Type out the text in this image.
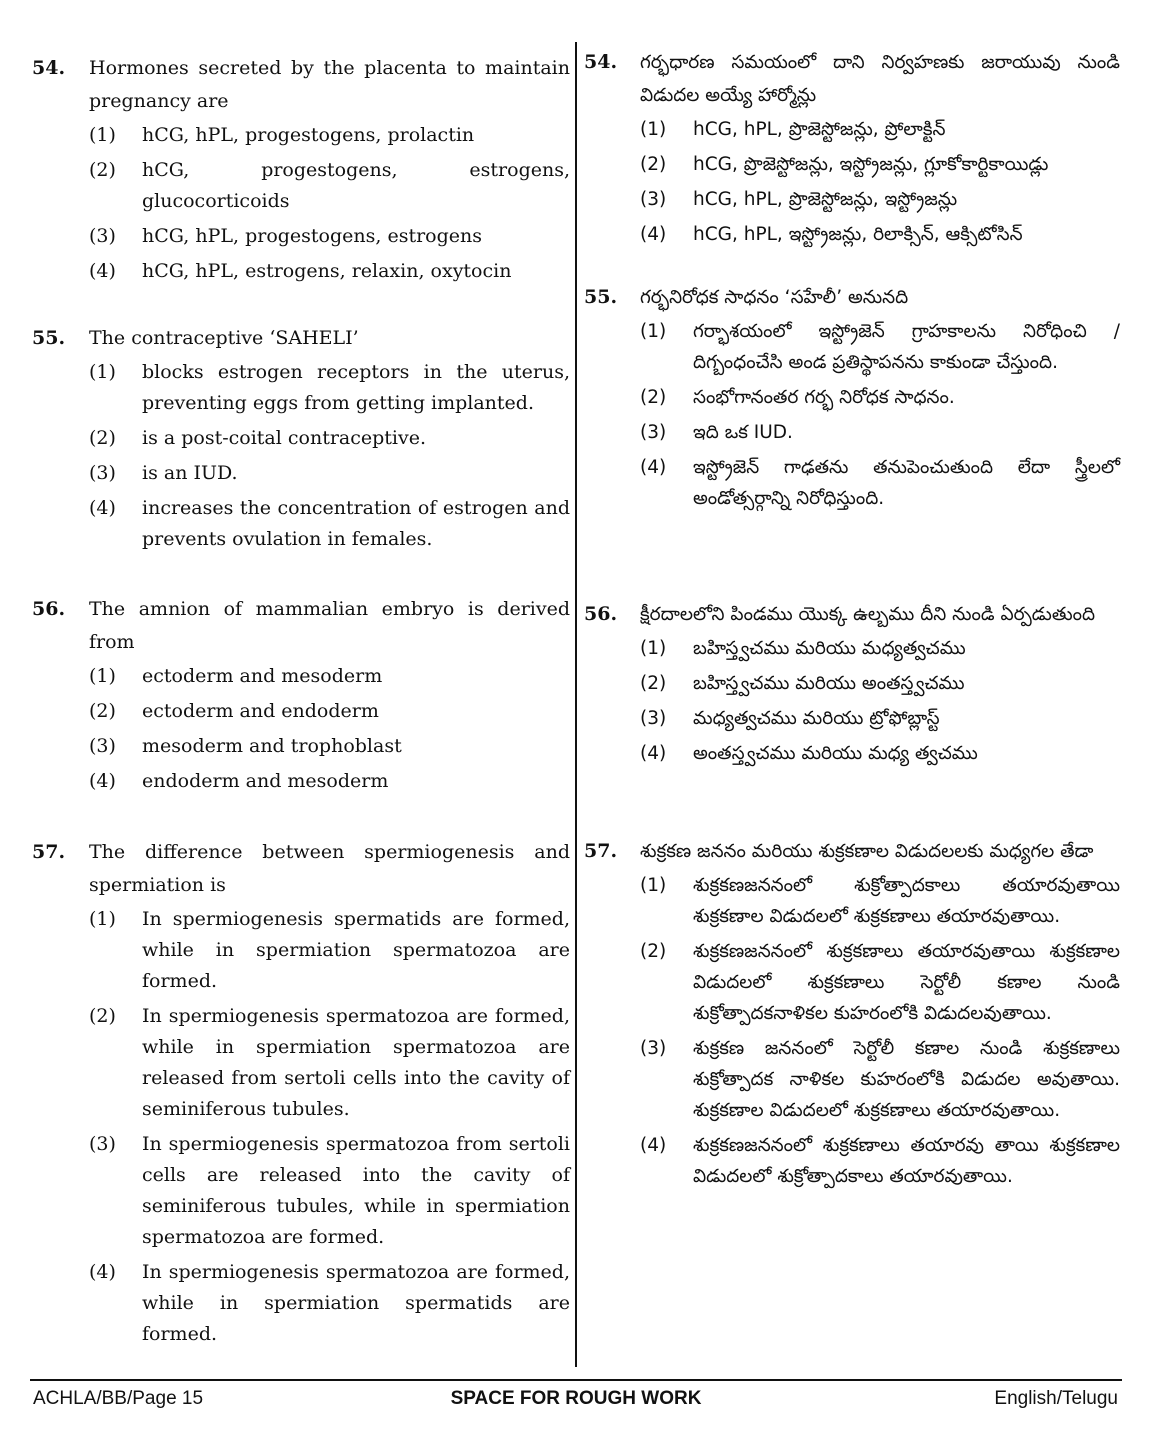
54. Hormones secreted by the placenta to maintain pregnancy are
(1) hCG, hPL, progestogens, prolactin
(2) hCG, progestogens, estrogens, glucocorticoids
(3) hCG, hPL, progestogens, estrogens
(4) hCG, hPL, estrogens, relaxin, oxytocin
55. The contraceptive ‘SAHELI’
(1) blocks estrogen receptors in the uterus, preventing eggs from getting implanted.
(2) is a post-coital contraceptive.
(3) is an IUD.
(4) increases the concentration of estrogen and prevents ovulation in females.
56. The amnion of mammalian embryo is derived from
(1) ectoderm and mesoderm
(2) ectoderm and endoderm
(3) mesoderm and trophoblast
(4) endoderm and mesoderm
57. The difference between spermiogenesis and spermiation is
(1) In spermiogenesis spermatids are formed, while in spermiation spermatozoa are formed.
(2) In spermiogenesis spermatozoa are formed, while in spermiation spermatozoa are released from sertoli cells into the cavity of seminiferous tubules.
(3) In spermiogenesis spermatozoa from sertoli cells are released into the cavity of seminiferous tubules, while in spermiation spermatozoa are formed.
(4) In spermiogenesis spermatozoa are formed, while in spermiation spermatids are formed.
54. గర్భధారణ సమయంలో దాని నిర్వహణకు జరాయువు నుండి విడుదల అయ్యే హార్మోన్లు
(1) hCG, hPL, ప్రొజెస్టోజన్లు, ప్రోలాక్టిన్
(2) hCG, ప్రొజెస్టోజన్లు, ఇస్ట్రోజన్లు, గ్లూకోకార్టికాయిడ్లు
(3) hCG, hPL, ప్రొజెస్టోజన్లు, ఇస్ట్రోజన్లు
(4) hCG, hPL, ఇస్ట్రోజన్లు, రిలాక్సిన్, ఆక్సిటోసిన్
55. గర్భనిరోధక సాధనం ‘సహేలీ’ అనునది
(1) గర్భాశయంలో ఇస్ట్రోజెన్ గ్రాహకాలను నిరోధించి / దిగ్బంధంచేసి అండ ప్రతిస్థాపనను కాకుండా చేస్తుంది.
(2) సంభోగానంతర గర్భ నిరోధక సాధనం.
(3) ఇది ఒక IUD.
(4) ఇస్ట్రోజెన్ గాఢతను తనుపెంచుతుంది లేదా స్త్రీలలో అండోత్సర్గాన్ని నిరోధిస్తుంది.
56. క్షీరదాలలోని పిండము యొక్క ఉల్బము దీని నుండి ఏర్పడుతుంది
(1) బహిస్త్వచము మరియు మధ్యత్వచము
(2) బహిస్త్వచము మరియు అంతస్త్వచము
(3) మధ్యత్వచము మరియు ట్రోఫోబ్లాస్ట్
(4) అంతస్త్వచము మరియు మధ్య త్వచము
57. శుక్రకణ జననం మరియు శుక్రకణాల విడుదలలకు మధ్యగల తేడా
(1) శుక్రకణజననంలో శుక్రోత్పాదకాలు తయారవుతాయి శుక్రకణాల విడుదలలో శుక్రకణాలు తయారవుతాయి.
(2) శుక్రకణజననంలో శుక్రకణాలు తయారవుతాయి శుక్రకణాల విడుదలలో శుక్రకణాలు సెర్టోలీ కణాల నుండి శుక్రోత్పాదకనాళికల కుహరంలోకి విడుదలవుతాయి.
(3) శుక్రకణ జననంలో సెర్టోలీ కణాల నుండి శుక్రకణాలు శుక్రోత్పాదక నాళికల కుహరంలోకి విడుదల అవుతాయి. శుక్రకణాల విడుదలలో శుక్రకణాలు తయారవుతాయి.
(4) శుక్రకణజననంలో శుక్రకణాలు తయారవు తాయి శుక్రకణాల విడుదలలో శుక్రోత్పాదకాలు తయారవుతాయి.
ACHLA/BB/Page 15	SPACE FOR ROUGH WORK	English/Telugu
